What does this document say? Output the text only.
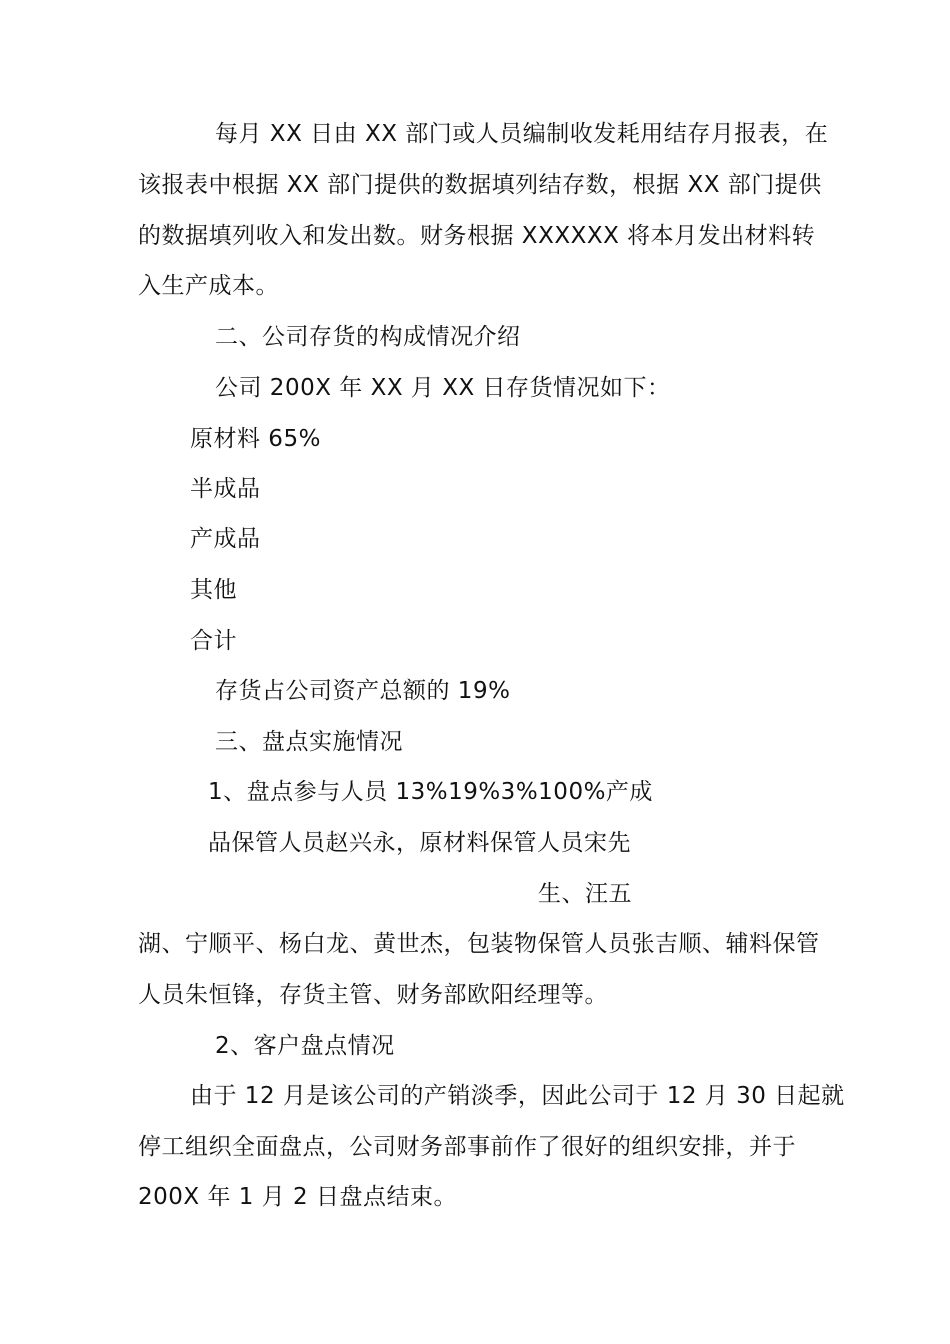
每月 XX 日由 XX 部门或人员编制收发耗用结存月报表，在
该报表中根据 XX 部门提供的数据填列结存数，根据 XX 部门提供
的数据填列收入和发出数。财务根据 XXXXXX 将本月发出材料转
入生产成本。
二、公司存货的构成情况介绍
公司 200X 年 XX 月 XX 日存货情况如下：
原材料 65%
半成品
产成品
其他
合计
存货占公司资产总额的 19%
三、盘点实施情况
1、盘点参与人员 13%19%3%100%产成
品保管人员赵兴永，原材料保管人员宋先
生、汪五
湖、宁顺平、杨白龙、黄世杰，包装物保管人员张吉顺、辅料保管
人员朱恒锋，存货主管、财务部欧阳经理等。
2、客户盘点情况
由于 12 月是该公司的产销淡季，因此公司于 12 月 30 日起就
停工组织全面盘点，公司财务部事前作了很好的组织安排，并于
200X 年 1 月 2 日盘点结束。
